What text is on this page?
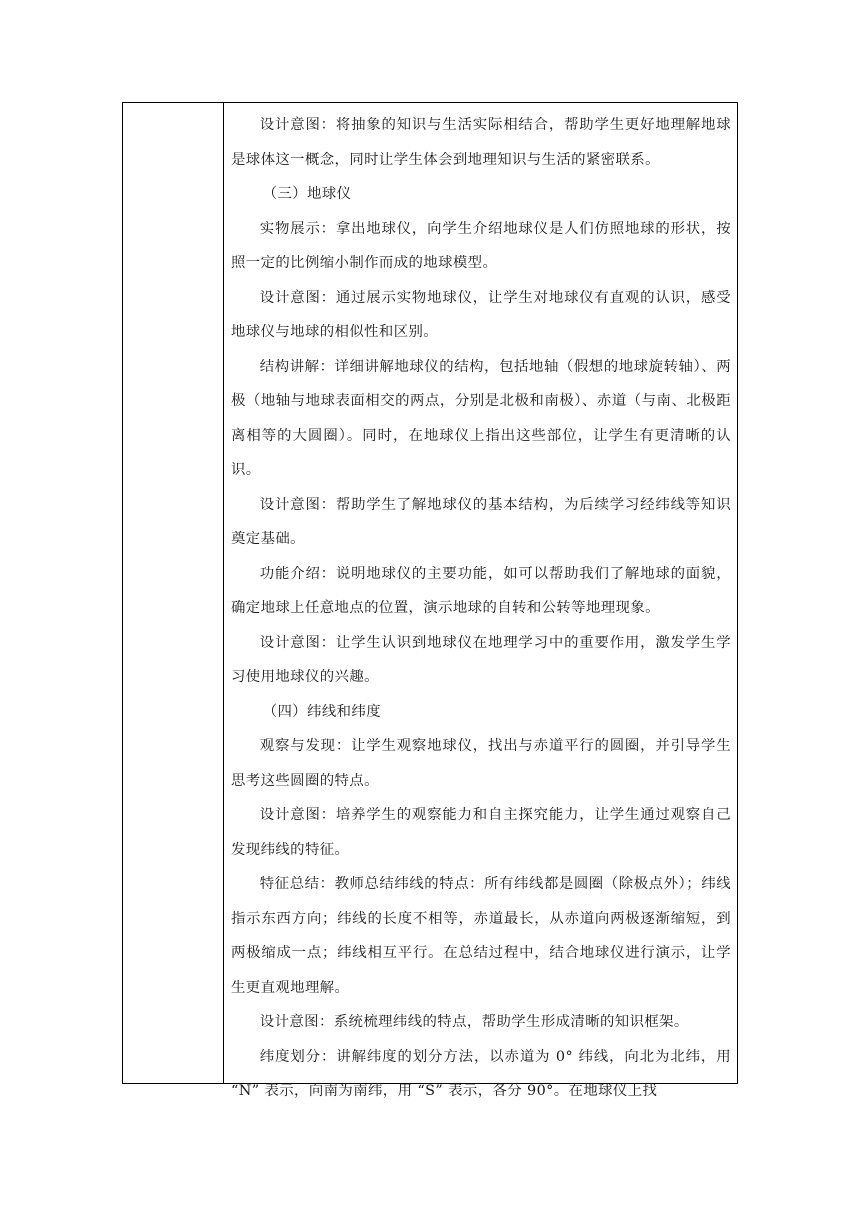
设计意图：将抽象的知识与生活实际相结合，帮助学生更好地理解地球是球体这一概念，同时让学生体会到地理知识与生活的紧密联系。

（三）地球仪

实物展示：拿出地球仪，向学生介绍地球仪是人们仿照地球的形状，按照一定的比例缩小制作而成的地球模型。

设计意图：通过展示实物地球仪，让学生对地球仪有直观的认识，感受地球仪与地球的相似性和区别。

结构讲解：详细讲解地球仪的结构，包括地轴（假想的地球旋转轴）、两极（地轴与地球表面相交的两点，分别是北极和南极）、赤道（与南、北极距离相等的大圆圈）。同时，在地球仪上指出这些部位，让学生有更清晰的认识。

设计意图：帮助学生了解地球仪的基本结构，为后续学习经纬线等知识奠定基础。

功能介绍：说明地球仪的主要功能，如可以帮助我们了解地球的面貌，确定地球上任意地点的位置，演示地球的自转和公转等地理现象。

设计意图：让学生认识到地球仪在地理学习中的重要作用，激发学生学习使用地球仪的兴趣。

（四）纬线和纬度

观察与发现：让学生观察地球仪，找出与赤道平行的圆圈，并引导学生思考这些圆圈的特点。

设计意图：培养学生的观察能力和自主探究能力，让学生通过观察自己发现纬线的特征。

特征总结：教师总结纬线的特点：所有纬线都是圆圈（除极点外）；纬线指示东西方向；纬线的长度不相等，赤道最长，从赤道向两极逐渐缩短，到两极缩成一点；纬线相互平行。在总结过程中，结合地球仪进行演示，让学生更直观地理解。

设计意图：系统梳理纬线的特点，帮助学生形成清晰的知识框架。

纬度划分：讲解纬度的划分方法，以赤道为 0° 纬线，向北为北纬，用 “N” 表示，向南为南纬，用 “S” 表示，各分 90°。在地球仪上找
